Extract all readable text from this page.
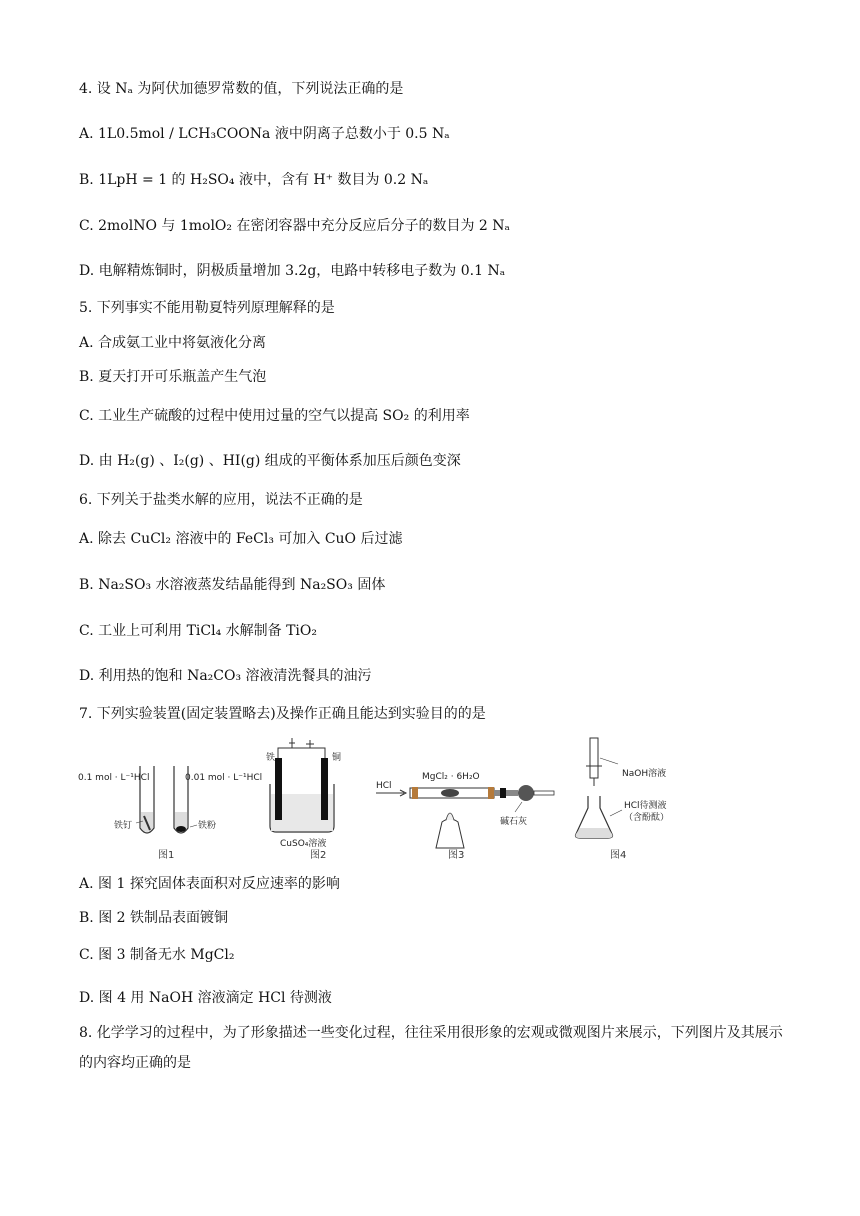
4. 设 Nₐ 为阿伏加德罗常数的值，下列说法正确的是
A. 1L0.5mol / LCH₃COONa 液中阴离子总数小于 0.5 Nₐ
B. 1LpH = 1 的 H₂SO₄ 液中，含有 H⁺ 数目为 0.2 Nₐ
C. 2molNO 与 1molO₂ 在密闭容器中充分反应后分子的数目为 2 Nₐ
D. 电解精炼铜时，阴极质量增加 3.2g，电路中转移电子数为 0.1 Nₐ
5. 下列事实不能用勒夏特列原理解释的是
A. 合成氨工业中将氨液化分离
B. 夏天打开可乐瓶盖产生气泡
C. 工业生产硫酸的过程中使用过量的空气以提高 SO₂ 的利用率
D. 由 H₂(g) 、I₂(g) 、HI(g) 组成的平衡体系加压后颜色变深
6. 下列关于盐类水解的应用，说法不正确的是
A. 除去 CuCl₂ 溶液中的 FeCl₃ 可加入 CuO 后过滤
B. Na₂SO₃ 水溶液蒸发结晶能得到 Na₂SO₃ 固体
C. 工业上可利用 TiCl₄ 水解制备 TiO₂
D. 利用热的饱和 Na₂CO₃ 溶液清洗餐具的油污
7. 下列实验装置(固定装置略去)及操作正确且能达到实验目的的是
0.1 mol · L⁻¹HCl	0.01 mol · L⁻¹HCl
铁钉	铁粉
图1
铁	铜
CuSO₄溶液
图2
HCl
MgCl₂ · 6H₂O
碱石灰
图3
NaOH溶液
HCl待测液
（含酚酞）
图4
A. 图 1 探究固体表面积对反应速率的影响
B. 图 2 铁制品表面镀铜
C. 图 3 制备无水 MgCl₂
D. 图 4 用 NaOH 溶液滴定 HCl 待测液
8. 化学学习的过程中，为了形象描述一些变化过程，往往采用很形象的宏观或微观图片来展示，下列图片及其展示的内容均正确的是
